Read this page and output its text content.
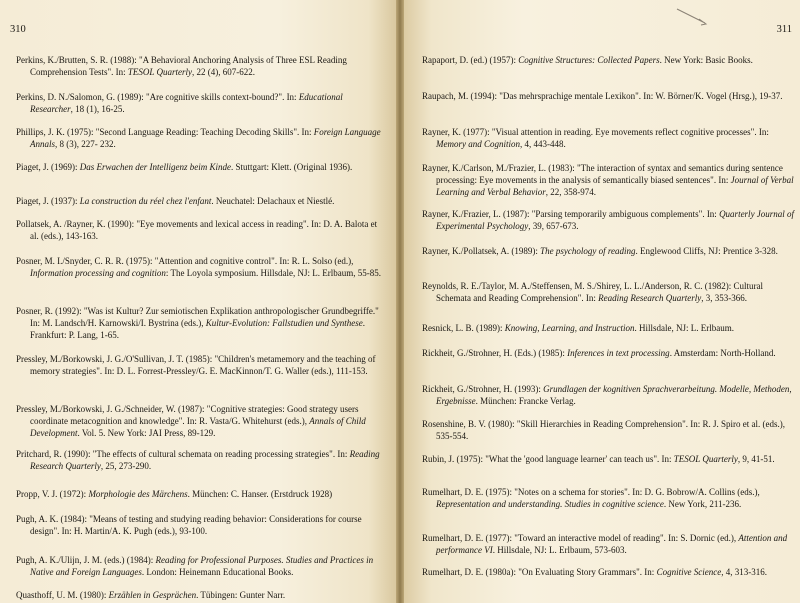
310

Perkins, K./Brutten, S. R. (1988): "A Behavioral Anchoring Analysis of Three ESL Reading Comprehension Tests". In: TESOL Quarterly, 22 (4), 607-622.

Perkins, D. N./Salomon, G. (1989): "Are cognitive skills context-bound?". In: Educational Researcher, 18 (1), 16-25.

Phillips, J. K. (1975): "Second Language Reading: Teaching Decoding Skills". In: Foreign Language Annals, 8 (3), 227- 232.

Piaget, J. (1969): Das Erwachen der Intelligenz beim Kinde. Stuttgart: Klett. (Original 1936).

Piaget, J. (1937): La construction du réel chez l'enfant. Neuchatel: Delachaux et Niestlé.

Pollatsek, A. /Rayner, K. (1990): "Eye movements and lexical access in reading". In: D. A. Balota et al. (eds.), 143-163.

Posner, M. I./Snyder, C. R. R. (1975): "Attention and cognitive control". In: R. L. Solso (ed.), Information processing and cognition: The Loyola symposium. Hillsdale, NJ: L. Erlbaum, 55-85.

Posner, R. (1992): "Was ist Kultur? Zur semiotischen Explikation anthropologischer Grundbegriffe." In: M. Landsch/H. Karnowski/I. Bystrina (eds.), Kultur-Evolution: Fallstudien und Synthese. Frankfurt: P. Lang, 1-65.

Pressley, M./Borkowski, J. G./O'Sullivan, J. T. (1985): "Children's metamemory and the teaching of memory strategies". In: D. L. Forrest-Pressley/G. E. MacKinnon/T. G. Waller (eds.), 111-153.

Pressley, M./Borkowski, J. G./Schneider, W. (1987): "Cognitive strategies: Good strategy users coordinate metacognition and knowledge". In: R. Vasta/G. Whitehurst (eds.), Annals of Child Development. Vol. 5. New York: JAI Press, 89-129.

Pritchard, R. (1990): "The effects of cultural schemata on reading processing strategies". In: Reading Research Quarterly, 25, 273-290.

Propp, V. J. (1972): Morphologie des Märchens. München: C. Hanser. (Erstdruck 1928)

Pugh, A. K. (1984): "Means of testing and studying reading behavior: Considerations for course design". In: H. Martin/A. K. Pugh (eds.), 93-100.

Pugh, A. K./Ulijn, J. M. (eds.) (1984): Reading for Professional Purposes. Studies and Practices in Native and Foreign Languages. London: Heinemann Educational Books.

Quasthoff, U. M. (1980): Erzählen in Gesprächen. Tübingen: Gunter Narr.

311

Rapaport, D. (ed.) (1957): Cognitive Structures: Collected Papers. New York: Basic Books.

Raupach, M. (1994): "Das mehrsprachige mentale Lexikon". In: W. Börner/K. Vogel (Hrsg.), 19-37.

Rayner, K. (1977): "Visual attention in reading. Eye movements reflect cognitive processes". In: Memory and Cognition, 4, 443-448.

Rayner, K./Carlson, M./Frazier, L. (1983): "The interaction of syntax and semantics during sentence processing: Eye movements in the analysis of semantically biased sentences". In: Journal of Verbal Learning and Verbal Behavior, 22, 358-974.

Rayner, K./Frazier, L. (1987): "Parsing temporarily ambiguous complements". In: Quarterly Journal of Experimental Psychology, 39, 657-673.

Rayner, K./Pollatsek, A. (1989): The psychology of reading. Englewood Cliffs, NJ: Prentice 3-328.

Reynolds, R. E./Taylor, M. A./Steffensen, M. S./Shirey, L. L./Anderson, R. C. (1982): Cultural Schemata and Reading Comprehension". In: Reading Research Quarterly, 3, 353-366.

Resnick, L. B. (1989): Knowing, Learning, and Instruction. Hillsdale, NJ: L. Erlbaum.

Rickheit, G./Strohner, H. (Eds.) (1985): Inferences in text processing. Amsterdam: North-Holland.

Rickheit, G./Strohner, H. (1993): Grundlagen der kognitiven Sprachverarbeitung. Modelle, Methoden, Ergebnisse. München: Francke Verlag.

Rosenshine, B. V. (1980): "Skill Hierarchies in Reading Comprehension". In: R. J. Spiro et al. (eds.), 535-554.

Rubin, J. (1975): "What the 'good language learner' can teach us". In: TESOL Quarterly, 9, 41-51.

Rumelhart, D. E. (1975): "Notes on a schema for stories". In: D. G. Bobrow/A. Collins (eds.), Representation and understanding. Studies in cognitive science. New York, 211-236.

Rumelhart, D. E. (1977): "Toward an interactive model of reading". In: S. Dornic (ed.), Attention and performance VI. Hillsdale, NJ: L. Erlbaum, 573-603.

Rumelhart, D. E. (1980a): "On Evaluating Story Grammars". In: Cognitive Science, 4, 313-316.
